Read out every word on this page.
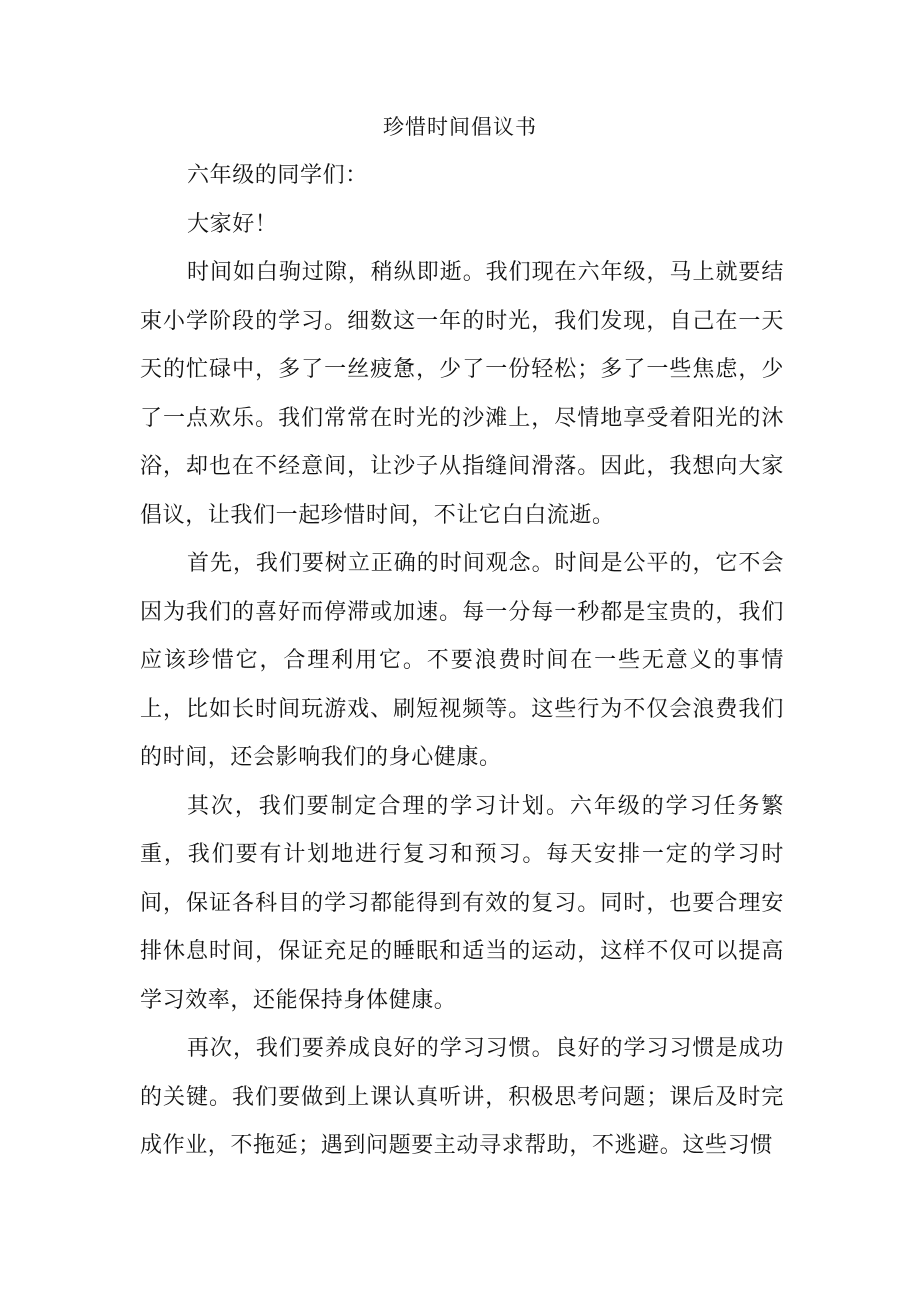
珍惜时间倡议书

六年级的同学们：

大家好！

时间如白驹过隙，稍纵即逝。我们现在六年级，马上就要结束小学阶段的学习。细数这一年的时光，我们发现，自己在一天天的忙碌中，多了一丝疲惫，少了一份轻松；多了一些焦虑，少了一点欢乐。我们常常在时光的沙滩上，尽情地享受着阳光的沐浴，却也在不经意间，让沙子从指缝间滑落。因此，我想向大家倡议，让我们一起珍惜时间，不让它白白流逝。

首先，我们要树立正确的时间观念。时间是公平的，它不会因为我们的喜好而停滞或加速。每一分每一秒都是宝贵的，我们应该珍惜它，合理利用它。不要浪费时间在一些无意义的事情上，比如长时间玩游戏、刷短视频等。这些行为不仅会浪费我们的时间，还会影响我们的身心健康。

其次，我们要制定合理的学习计划。六年级的学习任务繁重，我们要有计划地进行复习和预习。每天安排一定的学习时间，保证各科目的学习都能得到有效的复习。同时，也要合理安排休息时间，保证充足的睡眠和适当的运动，这样不仅可以提高学习效率，还能保持身体健康。

再次，我们要养成良好的学习习惯。良好的学习习惯是成功的关键。我们要做到上课认真听讲，积极思考问题；课后及时完成作业，不拖延；遇到问题要主动寻求帮助，不逃避。这些习惯
